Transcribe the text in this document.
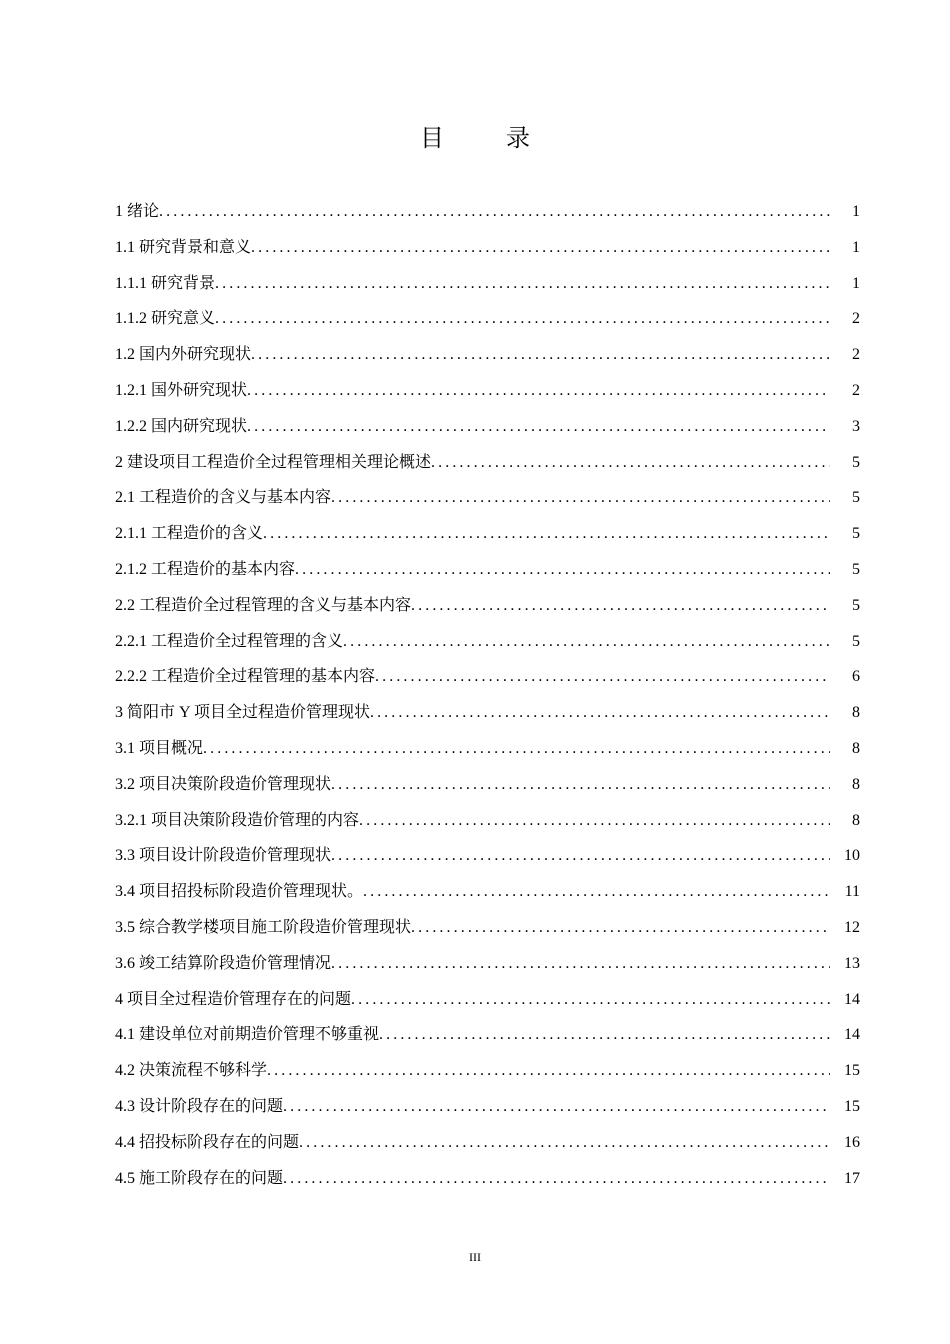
目 录
1 绪论 .....	1
1.1 研究背景和意义 .....	1
1.1.1 研究背景 .....	1
1.1.2 研究意义 .....	2
1.2 国内外研究现状 .....	2
1.2.1 国外研究现状 .....	2
1.2.2 国内研究现状 .....	3
2 建设项目工程造价全过程管理相关理论概述 .....	5
2.1 工程造价的含义与基本内容 .....	5
2.1.1 工程造价的含义 .....	5
2.1.2 工程造价的基本内容 .....	5
2.2 工程造价全过程管理的含义与基本内容 .....	5
2.2.1 工程造价全过程管理的含义 .....	5
2.2.2 工程造价全过程管理的基本内容 .....	6
3 简阳市 Y 项目全过程造价管理现状 .....	8
3.1 项目概况 .....	8
3.2 项目决策阶段造价管理现状 .....	8
3.2.1 项目决策阶段造价管理的内容 .....	8
3.3 项目设计阶段造价管理现状 .....	10
3.4 项目招投标阶段造价管理现状。 .....	11
3.5 综合教学楼项目施工阶段造价管理现状 .....	12
3.6 竣工结算阶段造价管理情况 .....	13
4 项目全过程造价管理存在的问题 .....	14
4.1 建设单位对前期造价管理不够重视 .....	14
4.2 决策流程不够科学 .....	15
4.3 设计阶段存在的问题 .....	15
4.4 招投标阶段存在的问题 .....	16
4.5 施工阶段存在的问题 .....	17
III
